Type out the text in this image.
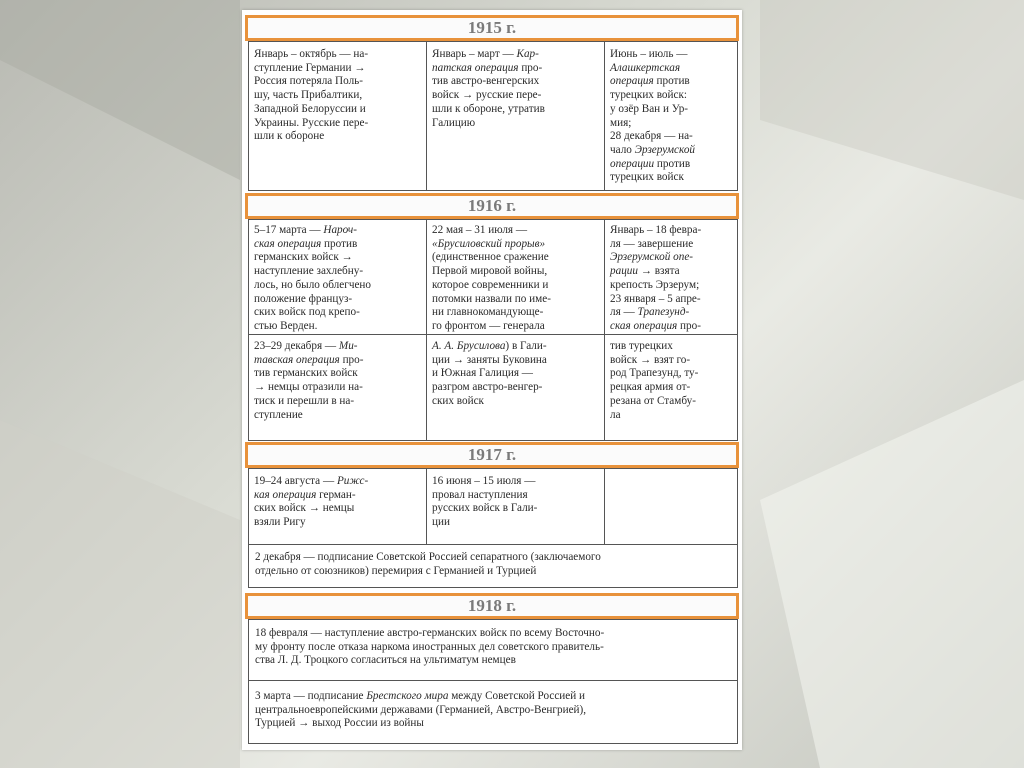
1915 г.
Январь – октябрь — на-
ступление Германии →
Россия потеряла Поль-
шу, часть Прибалтики,
Западной Белоруссии и
Украины. Русские пере-
шли к обороне
Январь – март — Кар-
патская операция про-
тив австро-венгерских
войск → русские пере-
шли к обороне, утратив
Галицию
Июнь – июль —
Алашкертская
операция против
турецких войск:
у озёр Ван и Ур-
мия;
28 декабря — на-
чало Эрзерумской
операции против
турецких войск
1916 г.
5–17 марта — Нароч-
ская операция против
германских войск →
наступление захлебну-
лось, но было облегчено
положение француз-
ских войск под крепо-
стью Верден.
22 мая – 31 июля —
«Брусиловский прорыв»
(единственное сражение
Первой мировой войны,
которое современники и
потомки назвали по име-
ни главнокомандующе-
го фронтом — генерала
Январь – 18 февра-
ля — завершение
Эрзерумской опе-
рации → взята
крепость Эрзерум;
23 января – 5 апре-
ля — Трапезунд-
ская операция про-
23–29 декабря — Ми-
тавская операция про-
тив германских войск
→ немцы отразили на-
тиск и перешли в на-
ступление
А. А. Брусилова) в Гали-
ции → заняты Буковина
и Южная Галиция —
разгром австро-венгер-
ских войск
тив турецких
войск → взят го-
род Трапезунд, ту-
рецкая армия от-
резана от Стамбу-
ла
1917 г.
19–24 августа — Рижс-
кая операция герман-
ских войск → немцы
взяли Ригу
16 июня – 15 июля —
провал наступления
русских войск в Гали-
ции
2 декабря — подписание Советской Россией сепаратного (заключаемого
отдельно от союзников) перемирия с Германией и Турцией
1918 г.
18 февраля — наступление австро-германских войск по всему Восточно-
му фронту после отказа наркома иностранных дел советского правитель-
ства Л. Д. Троцкого согласиться на ультиматум немцев
3 марта — подписание Брестского мира между Советской Россией и
центральноевропейскими державами (Германией, Австро-Венгрией),
Турцией → выход России из войны
